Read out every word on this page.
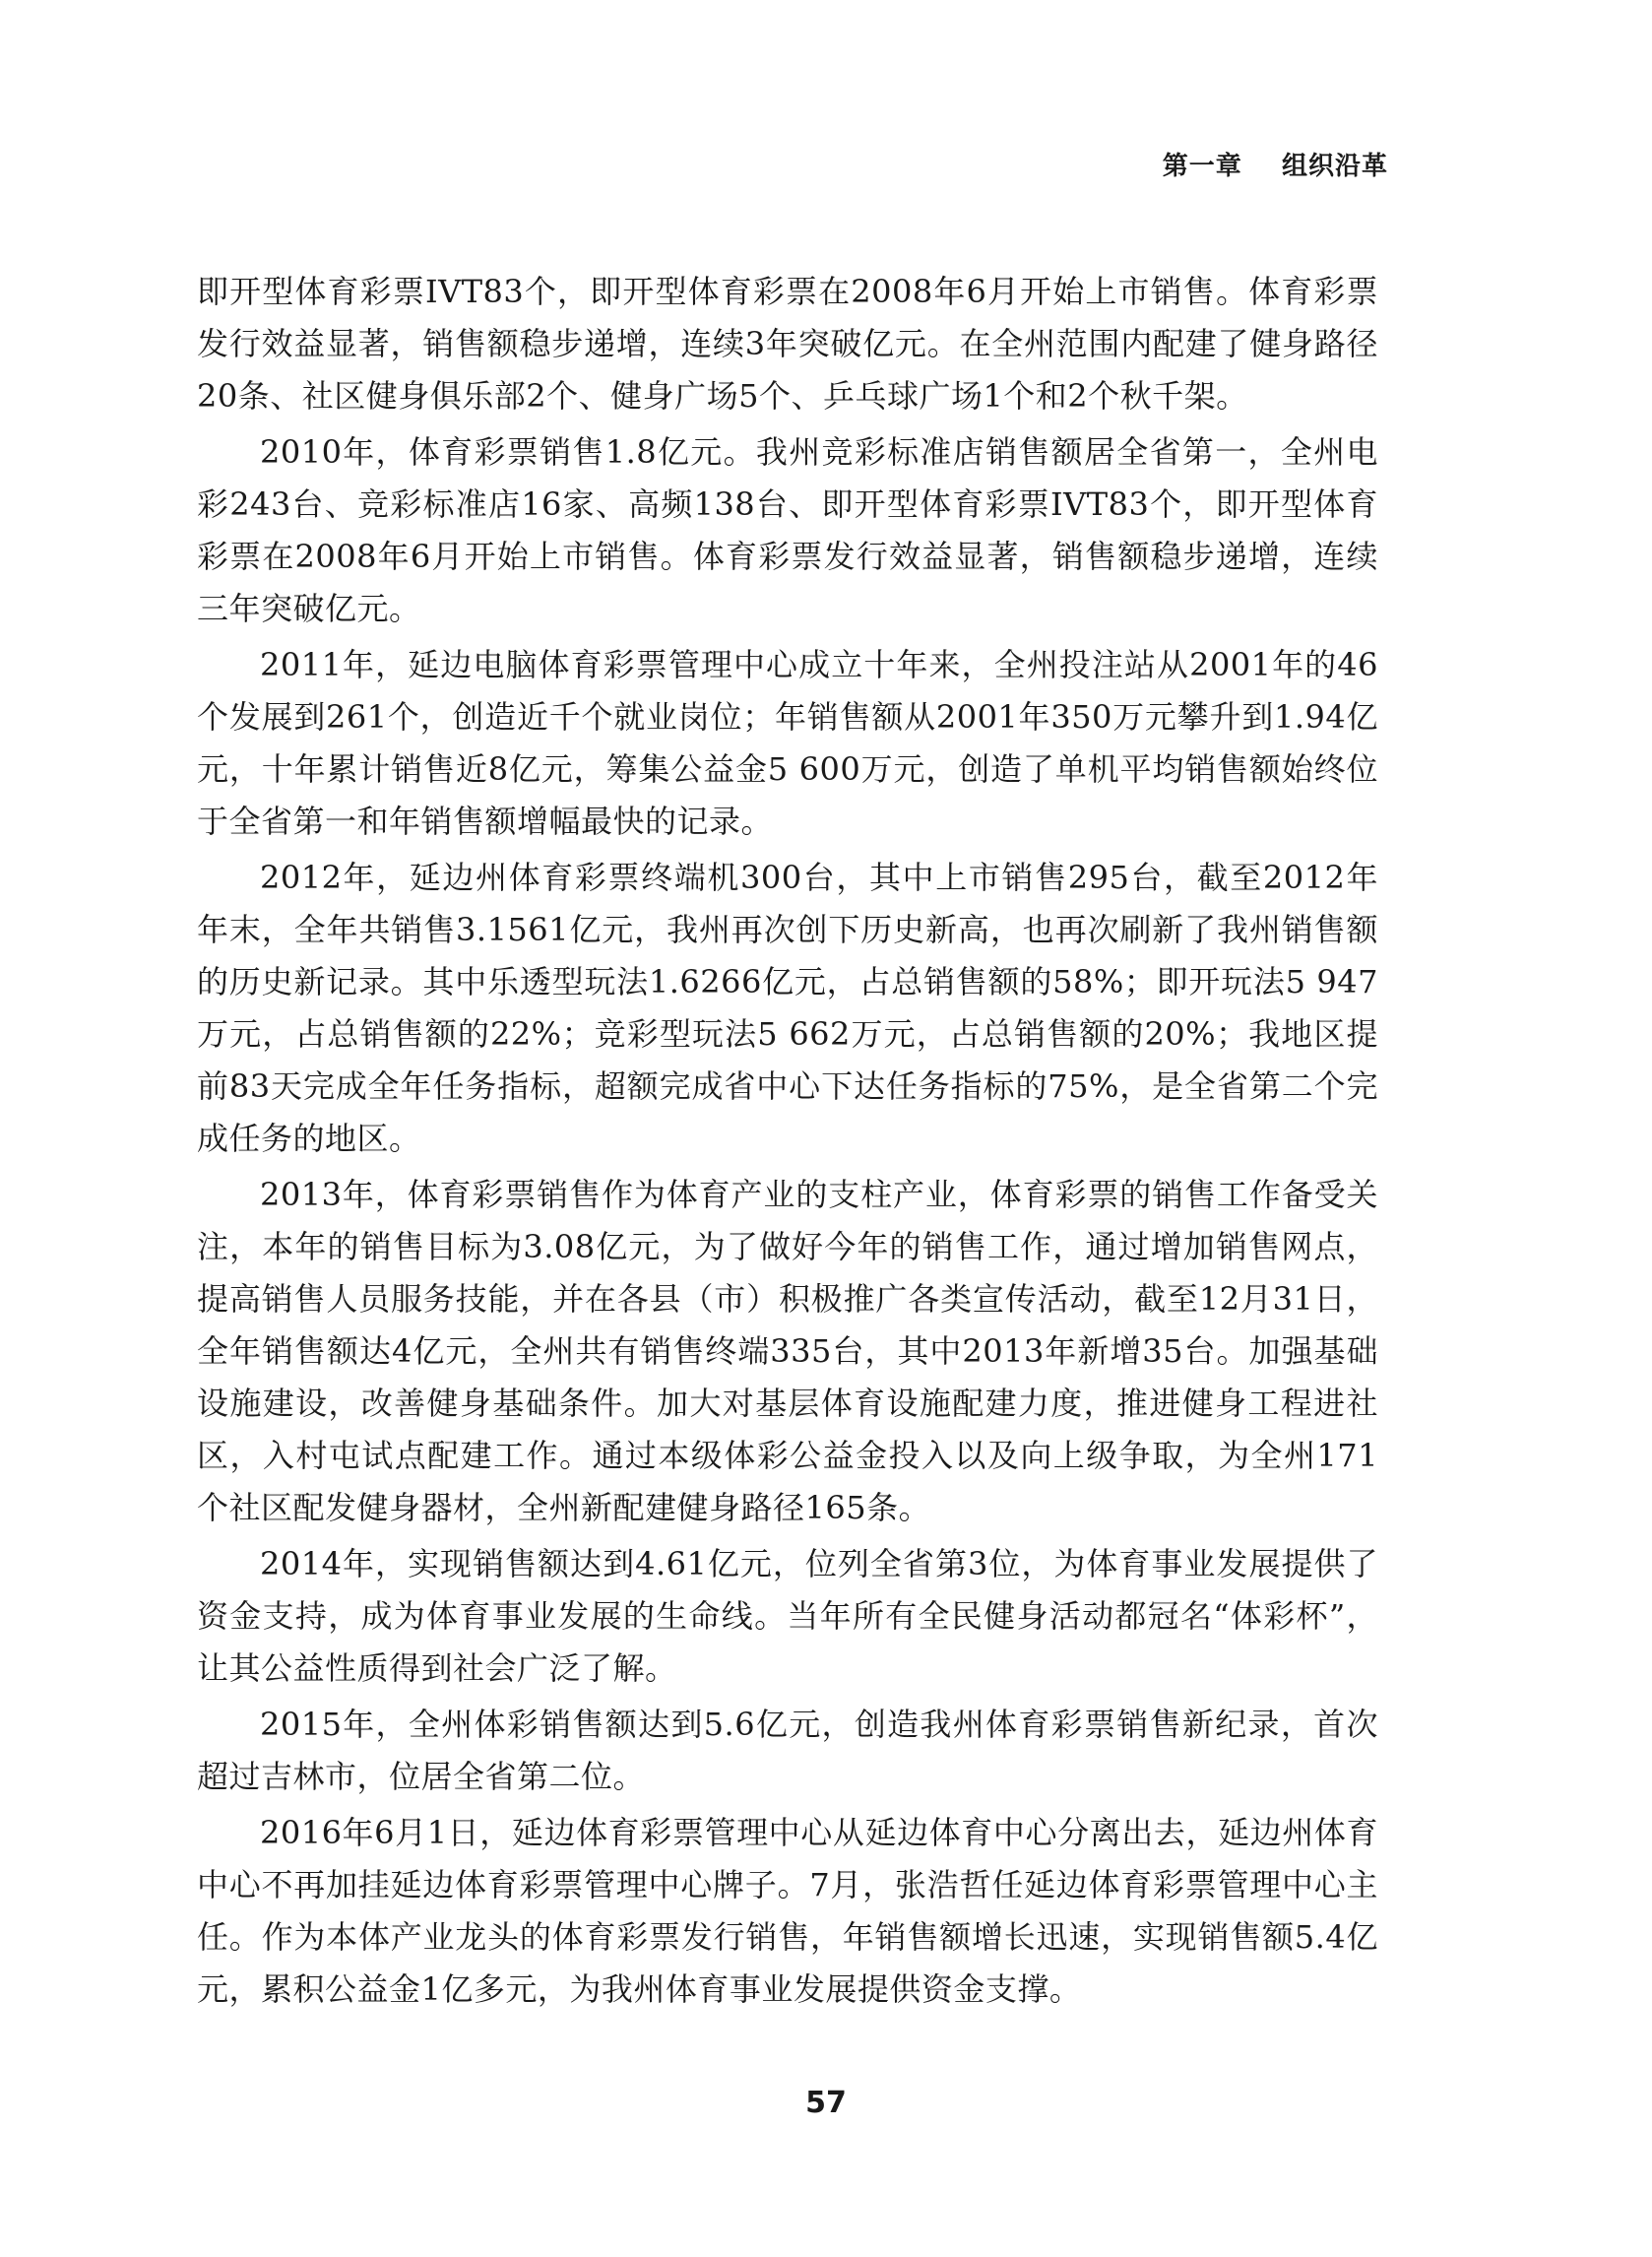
第一章    组织沿革

即开型体育彩票IVT83个，即开型体育彩票在2008年6月开始上市销售。体育彩票发行效益显著，销售额稳步递增，连续3年突破亿元。在全州范围内配建了健身路径20条、社区健身俱乐部2个、健身广场5个、乒乓球广场1个和2个秋千架。

2010年，体育彩票销售1.8亿元。我州竞彩标准店销售额居全省第一，全州电彩243台、竞彩标准店16家、高频138台、即开型体育彩票IVT83个，即开型体育彩票在2008年6月开始上市销售。体育彩票发行效益显著，销售额稳步递增，连续三年突破亿元。

2011年，延边电脑体育彩票管理中心成立十年来，全州投注站从2001年的46个发展到261个，创造近千个就业岗位；年销售额从2001年350万元攀升到1.94亿元，十年累计销售近8亿元，筹集公益金5 600万元，创造了单机平均销售额始终位于全省第一和年销售额增幅最快的记录。

2012年，延边州体育彩票终端机300台，其中上市销售295台，截至2012年年末，全年共销售3.1561亿元，我州再次创下历史新高，也再次刷新了我州销售额的历史新记录。其中乐透型玩法1.6266亿元，占总销售额的58%；即开玩法5 947万元，占总销售额的22%；竞彩型玩法5 662万元，占总销售额的20%；我地区提前83天完成全年任务指标，超额完成省中心下达任务指标的75%，是全省第二个完成任务的地区。

2013年，体育彩票销售作为体育产业的支柱产业，体育彩票的销售工作备受关注，本年的销售目标为3.08亿元，为了做好今年的销售工作，通过增加销售网点，提高销售人员服务技能，并在各县（市）积极推广各类宣传活动，截至12月31日，全年销售额达4亿元，全州共有销售终端335台，其中2013年新增35台。加强基础设施建设，改善健身基础条件。加大对基层体育设施配建力度，推进健身工程进社区，入村屯试点配建工作。通过本级体彩公益金投入以及向上级争取，为全州171个社区配发健身器材，全州新配建健身路径165条。

2014年，实现销售额达到4.61亿元，位列全省第3位，为体育事业发展提供了资金支持，成为体育事业发展的生命线。当年所有全民健身活动都冠名“体彩杯”，让其公益性质得到社会广泛了解。

2015年，全州体彩销售额达到5.6亿元，创造我州体育彩票销售新纪录，首次超过吉林市，位居全省第二位。

2016年6月1日，延边体育彩票管理中心从延边体育中心分离出去，延边州体育中心不再加挂延边体育彩票管理中心牌子。7月，张浩哲任延边体育彩票管理中心主任。作为本体产业龙头的体育彩票发行销售，年销售额增长迅速，实现销售额5.4亿元，累积公益金1亿多元，为我州体育事业发展提供资金支撑。

57
